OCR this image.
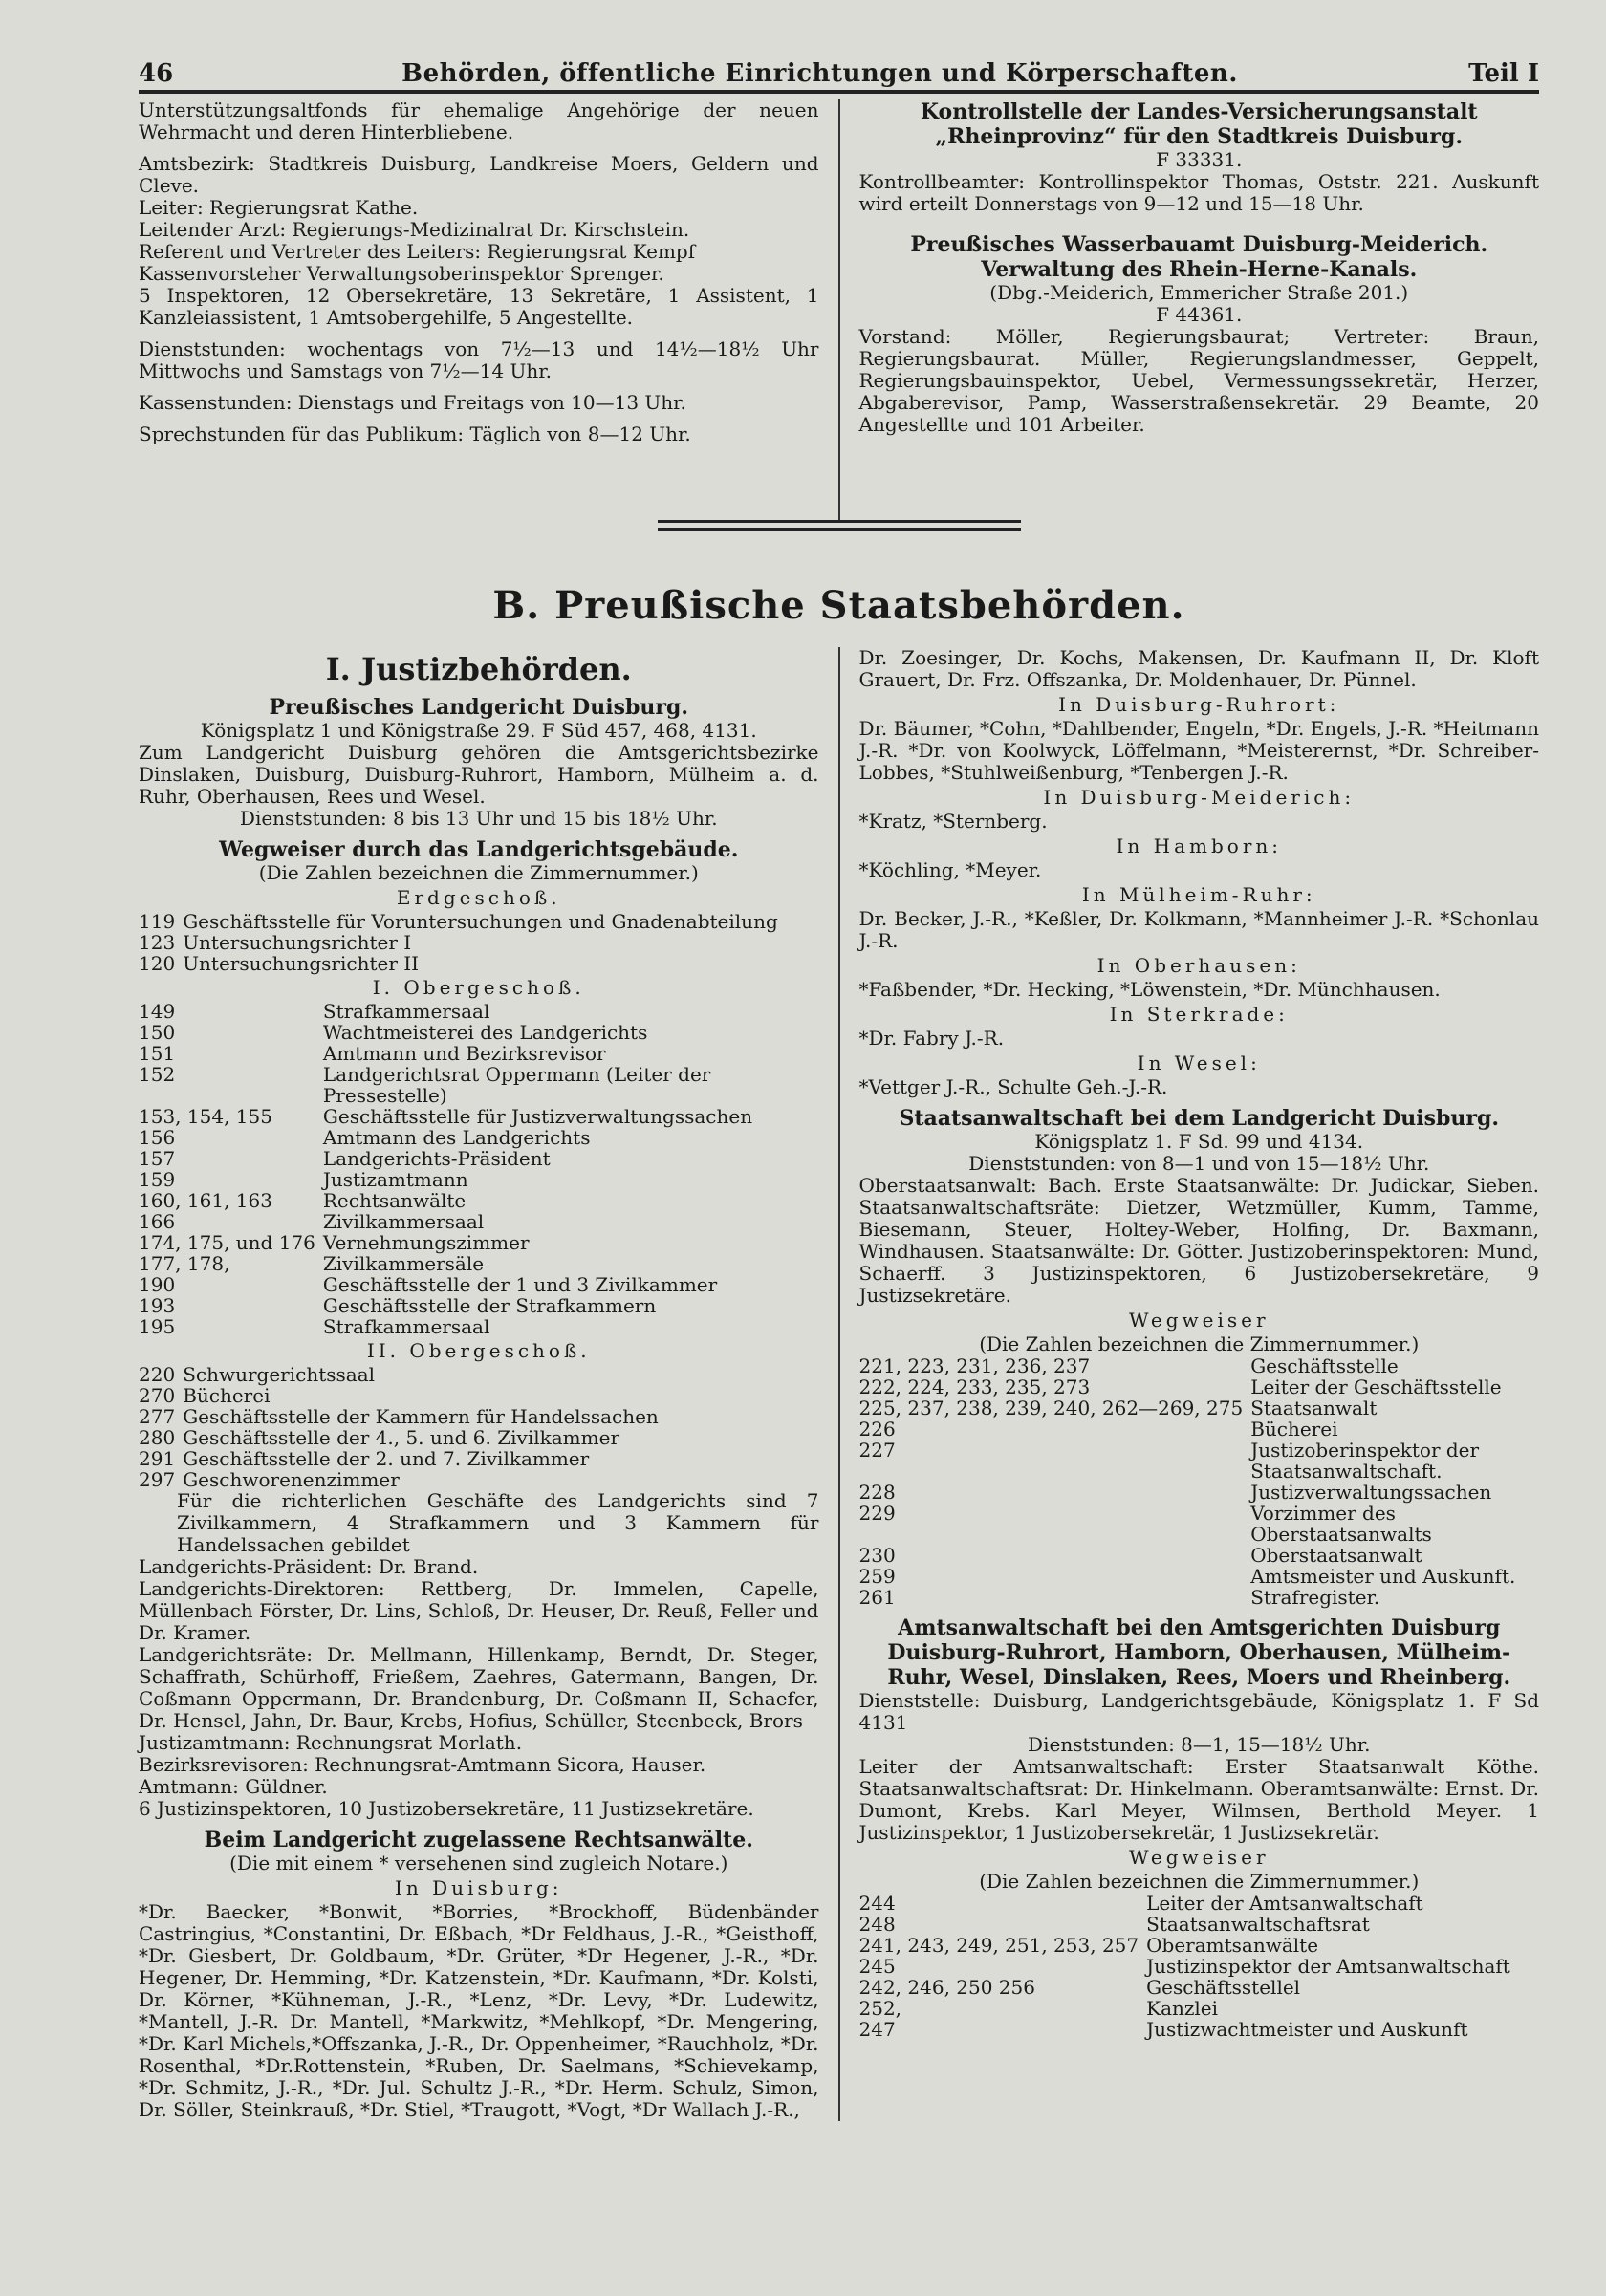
46	Behörden, öffentliche Einrichtungen und Körperschaften.	Teil I

Unterstützungsaltfonds für ehemalige Angehörige der neuen Wehrmacht und deren Hinterbliebene.

Amtsbezirk: Stadtkreis Duisburg, Landkreise Moers, Geldern und Cleve.

Leiter: Regierungsrat Kathe.

Leitender Arzt: Regierungs-Medizinalrat Dr. Kirschstein.

Referent und Vertreter des Leiters: Regierungsrat Kempf

Kassenvorsteher Verwaltungsoberinspektor Sprenger.

5 Inspektoren, 12 Obersekretäre, 13 Sekretäre, 1 Assistent, 1 Kanzleiassistent, 1 Amtsobergehilfe, 5 Angestellte.

Dienststunden: wochentags von 7½—13 und 14½—18½ Uhr Mittwochs und Samstags von 7½—14 Uhr.

Kassenstunden: Dienstags und Freitags von 10—13 Uhr.

Sprechstunden für das Publikum: Täglich von 8—12 Uhr.

Kontrollstelle der Landes-Versicherungsanstalt „Rheinprovinz“ für den Stadtkreis Duisburg.

F 33331.

Kontrollbeamter: Kontrollinspektor Thomas, Oststr. 221. Auskunft wird erteilt Donnerstags von 9—12 und 15—18 Uhr.

Preußisches Wasserbauamt Duisburg-Meiderich. Verwaltung des Rhein-Herne-Kanals.

(Dbg.-Meiderich, Emmericher Straße 201.)

F 44361.

Vorstand: Möller, Regierungsbaurat; Vertreter: Braun, Regierungsbaurat. Müller, Regierungslandmesser, Geppelt, Regierungsbauinspektor, Uebel, Vermessungssekretär, Herzer, Abgaberevisor, Pamp, Wasserstraßensekretär. 29 Beamte, 20 Angestellte und 101 Arbeiter.

B. Preußische Staatsbehörden.
I. Justizbehörden.
Preußisches Landgericht Duisburg.

Königsplatz 1 und Königstraße 29. F Süd 457, 468, 4131.

Zum Landgericht Duisburg gehören die Amtsgerichtsbezirke Dinslaken, Duisburg, Duisburg-Ruhrort, Hamborn, Mülheim a. d. Ruhr, Oberhausen, Rees und Wesel.

Dienststunden: 8 bis 13 Uhr und 15 bis 18½ Uhr.

Wegweiser durch das Landgerichtsgebäude.

(Die Zahlen bezeichnen die Zimmernummer.)

Erdgeschoß.
119	Geschäftsstelle für Voruntersuchungen und Gnadenabteilung
123	Untersuchungsrichter I
120	Untersuchungsrichter II
I. Obergeschoß.
149	Strafkammersaal
150	Wachtmeisterei des Landgerichts
151	Amtmann und Bezirksrevisor
152	Landgerichtsrat Oppermann (Leiter der Pressestelle)
153, 154, 155	Geschäftsstelle für Justizverwaltungssachen
156	Amtmann des Landgerichts
157	Landgerichts-Präsident
159	Justizamtmann
160, 161, 163	Rechtsanwälte
166	Zivilkammersaal
174, 175, und 176	Vernehmungszimmer
177, 178,	Zivilkammersäle
190	Geschäftsstelle der 1 und 3 Zivilkammer
193	Geschäftsstelle der Strafkammern
195	Strafkammersaal
II. Obergeschoß.
220	Schwurgerichtssaal
270	Bücherei
277	Geschäftsstelle der Kammern für Handelssachen
280	Geschäftsstelle der 4., 5. und 6. Zivilkammer
291	Geschäftsstelle der 2. und 7. Zivilkammer
297	Geschworenenzimmer

Für die richterlichen Geschäfte des Landgerichts sind 7 Zivilkammern, 4 Strafkammern und 3 Kammern für Handelssachen gebildet

Landgerichts-Präsident: Dr. Brand.

Landgerichts-Direktoren: Rettberg, Dr. Immelen, Capelle, Müllenbach Förster, Dr. Lins, Schloß, Dr. Heuser, Dr. Reuß, Feller und Dr. Kramer.

Landgerichtsräte: Dr. Mellmann, Hillenkamp, Berndt, Dr. Steger, Schaffrath, Schürhoff, Frießem, Zaehres, Gatermann, Bangen, Dr. Coßmann Oppermann, Dr. Brandenburg, Dr. Coßmann II, Schaefer, Dr. Hensel, Jahn, Dr. Baur, Krebs, Hofius, Schüller, Steenbeck, Brors

Justizamtmann: Rechnungsrat Morlath.

Bezirksrevisoren: Rechnungsrat-Amtmann Sicora, Hauser.

Amtmann: Güldner.

6 Justizinspektoren, 10 Justizobersekretäre, 11 Justizsekretäre.

Beim Landgericht zugelassene Rechtsanwälte.

(Die mit einem * versehenen sind zugleich Notare.)

In Duisburg:

*Dr. Baecker, *Bonwit, *Borries, *Brockhoff, Büdenbänder Castringius, *Constantini, Dr. Eßbach, *Dr Feldhaus, J.-R., *Geisthoff, *Dr. Giesbert, Dr. Goldbaum, *Dr. Grüter, *Dr Hegener, J.-R., *Dr. Hegener, Dr. Hemming, *Dr. Katzenstein, *Dr. Kaufmann, *Dr. Kolsti, Dr. Körner, *Kühneman, J.-R., *Lenz, *Dr. Levy, *Dr. Ludewitz, *Mantell, J.-R. Dr. Mantell, *Markwitz, *Mehlkopf, *Dr. Mengering, *Dr. Karl Michels,*Offszanka, J.-R., Dr. Oppenheimer, *Rauchholz, *Dr. Rosenthal, *Dr.Rottenstein, *Ruben, Dr. Saelmans, *Schievekamp, *Dr. Schmitz, J.-R., *Dr. Jul. Schultz J.-R., *Dr. Herm. Schulz, Simon, Dr. Söller, Steinkrauß, *Dr. Stiel, *Traugott, *Vogt, *Dr Wallach J.-R.,

Dr. Zoesinger, Dr. Kochs, Makensen, Dr. Kaufmann II, Dr. Kloft Grauert, Dr. Frz. Offszanka, Dr. Moldenhauer, Dr. Pünnel.

In Duisburg-Ruhrort:

Dr. Bäumer, *Cohn, *Dahlbender, Engeln, *Dr. Engels, J.-R. *Heitmann J.-R. *Dr. von Koolwyck, Löffelmann, *Meisterernst, *Dr. Schreiber-Lobbes, *Stuhlweißenburg, *Tenbergen J.-R.

In Duisburg-Meiderich:

*Kratz, *Sternberg.

In Hamborn:

*Köchling, *Meyer.

In Mülheim-Ruhr:

Dr. Becker, J.-R., *Keßler, Dr. Kolkmann, *Mannheimer J.-R. *Schonlau J.-R.

In Oberhausen:

*Faßbender, *Dr. Hecking, *Löwenstein, *Dr. Münchhausen.

In Sterkrade:

*Dr. Fabry J.-R.

In Wesel:

*Vettger J.-R., Schulte Geh.-J.-R.

Staatsanwaltschaft bei dem Landgericht Duisburg.

Königsplatz 1. F Sd. 99 und 4134.

Dienststunden: von 8—1 und von 15—18½ Uhr.

Oberstaatsanwalt: Bach. Erste Staatsanwälte: Dr. Judickar, Sieben. Staatsanwaltschaftsräte: Dietzer, Wetzmüller, Kumm, Tamme, Biesemann, Steuer, Holtey-Weber, Holfing, Dr. Baxmann, Windhausen. Staatsanwälte: Dr. Götter. Justizoberinspektoren: Mund, Schaerff. 3 Justizinspektoren, 6 Justizobersekretäre, 9 Justizsekretäre.

Wegweiser

(Die Zahlen bezeichnen die Zimmernummer.)

221, 223, 231, 236, 237	Geschäftsstelle
222, 224, 233, 235, 273	Leiter der Geschäftsstelle
225, 237, 238, 239, 240, 262—269, 275	Staatsanwalt
226	Bücherei
227	Justizoberinspektor der Staatsanwaltschaft.
228	Justizverwaltungssachen
229	Vorzimmer des Oberstaatsanwalts
230	Oberstaatsanwalt
259	Amtsmeister und Auskunft.
261	Strafregister.
Amtsanwaltschaft bei den Amtsgerichten Duisburg Duisburg-Ruhrort, Hamborn, Oberhausen, Mülheim-Ruhr, Wesel, Dinslaken, Rees, Moers und Rheinberg.

Dienststelle: Duisburg, Landgerichtsgebäude, Königsplatz 1. F Sd 4131

Dienststunden: 8—1, 15—18½ Uhr.

Leiter der Amtsanwaltschaft: Erster Staatsanwalt Köthe. Staatsanwaltschaftsrat: Dr. Hinkelmann. Oberamtsanwälte: Ernst. Dr. Dumont, Krebs. Karl Meyer, Wilmsen, Berthold Meyer. 1 Justizinspektor, 1 Justizobersekretär, 1 Justizsekretär.

Wegweiser

(Die Zahlen bezeichnen die Zimmernummer.)

244	Leiter der Amtsanwaltschaft
248	Staatsanwaltschaftsrat
241, 243, 249, 251, 253, 257	Oberamtsanwälte
245	Justizinspektor der Amtsanwaltschaft
242, 246, 250 256	Geschäftsstellel
252,	Kanzlei
247	Justizwachtmeister und Auskunft
